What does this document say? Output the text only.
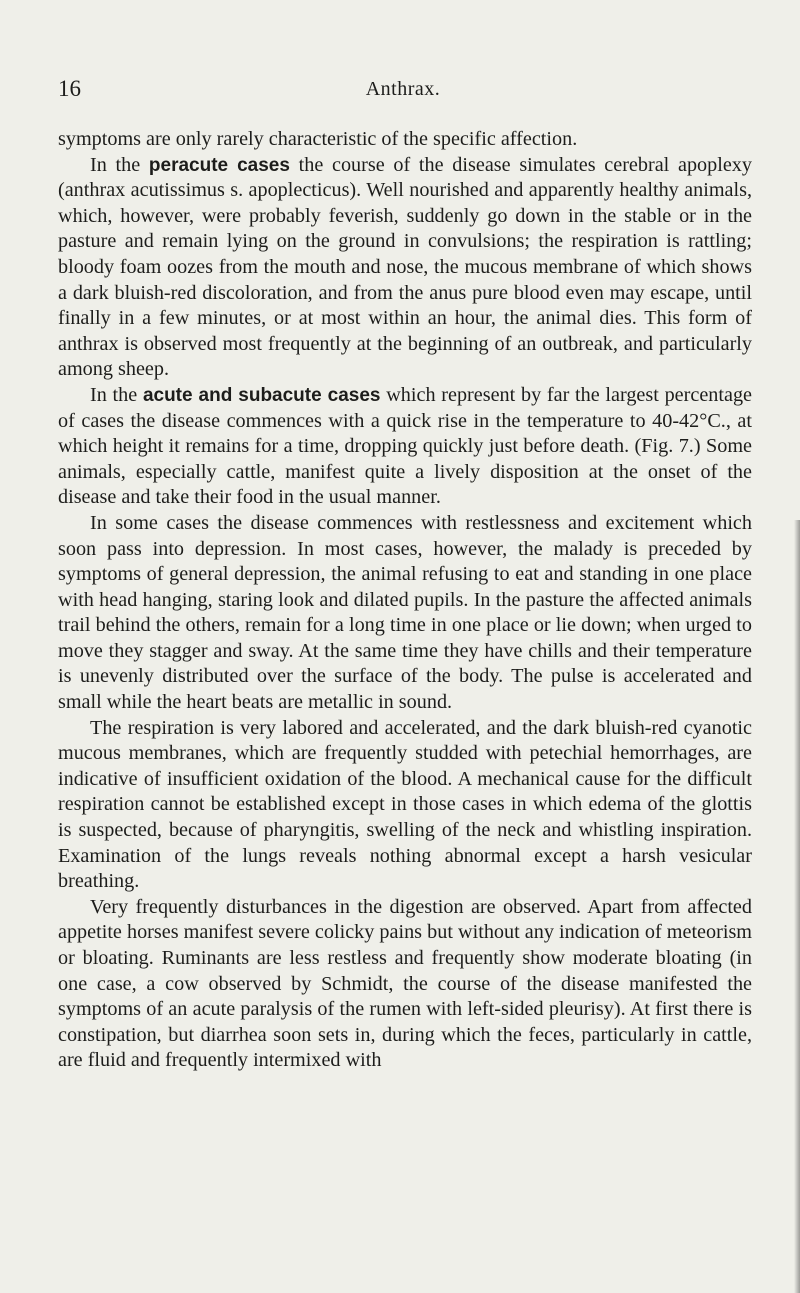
16	Anthrax.

symptoms are only rarely characteristic of the specific affection.

In the peracute cases the course of the disease simulates cerebral apoplexy (anthrax acutissimus s. apoplecticus). Well nourished and apparently healthy animals, which, however, were probably feverish, suddenly go down in the stable or in the pasture and remain lying on the ground in convulsions; the respiration is rattling; bloody foam oozes from the mouth and nose, the mucous membrane of which shows a dark bluish-red discoloration, and from the anus pure blood even may escape, until finally in a few minutes, or at most within an hour, the animal dies. This form of anthrax is observed most frequently at the beginning of an outbreak, and particularly among sheep.

In the acute and subacute cases which represent by far the largest percentage of cases the disease commences with a quick rise in the temperature to 40-42°C., at which height it remains for a time, dropping quickly just before death. (Fig. 7.) Some animals, especially cattle, manifest quite a lively disposition at the onset of the disease and take their food in the usual manner.

In some cases the disease commences with restlessness and excitement which soon pass into depression. In most cases, however, the malady is preceded by symptoms of general depression, the animal refusing to eat and standing in one place with head hanging, staring look and dilated pupils. In the pasture the affected animals trail behind the others, remain for a long time in one place or lie down; when urged to move they stagger and sway. At the same time they have chills and their temperature is unevenly distributed over the surface of the body. The pulse is accelerated and small while the heart beats are metallic in sound.

The respiration is very labored and accelerated, and the dark bluish-red cyanotic mucous membranes, which are frequently studded with petechial hemorrhages, are indicative of insufficient oxidation of the blood. A mechanical cause for the difficult respiration cannot be established except in those cases in which edema of the glottis is suspected, because of pharyngitis, swelling of the neck and whistling inspiration. Examination of the lungs reveals nothing abnormal except a harsh vesicular breathing.

Very frequently disturbances in the digestion are observed. Apart from affected appetite horses manifest severe colicky pains but without any indication of meteorism or bloating. Ruminants are less restless and frequently show moderate bloating (in one case, a cow observed by Schmidt, the course of the disease manifested the symptoms of an acute paralysis of the rumen with left-sided pleurisy). At first there is constipation, but diarrhea soon sets in, during which the feces, particularly in cattle, are fluid and frequently intermixed with
